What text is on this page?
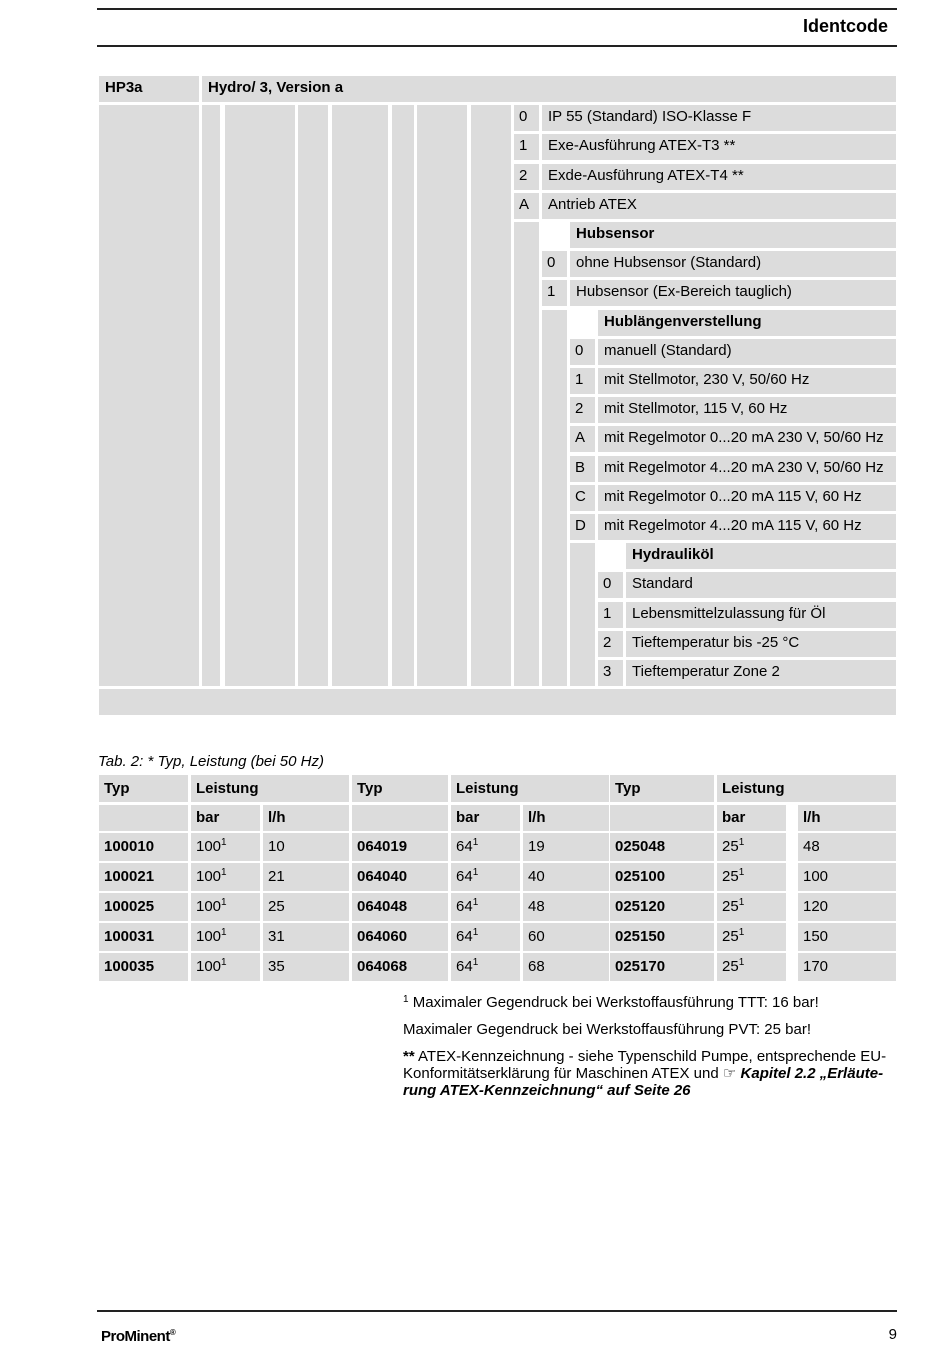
Identcode
HP3a	Hydro/ 3, Version a
0	IP 55 (Standard) ISO-Klasse F
1	Exe-Ausführung ATEX-T3 **
2	Exde-Ausführung ATEX-T4 **
A	Antrieb ATEX
Hubsensor
0	ohne Hubsensor (Standard)
1	Hubsensor (Ex-Bereich tauglich)
Hublängenverstellung
0	manuell (Standard)
1	mit Stellmotor, 230 V, 50/60 Hz
2	mit Stellmotor, 115 V, 60 Hz
A	mit Regelmotor 0...20 mA 230 V, 50/60 Hz
B	mit Regelmotor 4...20 mA 230 V, 50/60 Hz
C	mit Regelmotor 0...20 mA 115 V, 60 Hz
D	mit Regelmotor 4...20 mA 115 V, 60 Hz
Hydrauliköl
0	Standard
1	Lebensmittelzulassung für Öl
2	Tieftemperatur bis -25 °C
3	Tieftemperatur Zone 2
Tab. 2: * Typ, Leistung (bei 50 Hz)
Typ	Leistung	Typ	Leistung	Typ	Leistung
bar	l/h	bar	l/h	bar	l/h
100010	$100^1$	10	064019	$64^1$	19	025048	$25^1$	48
100021	$100^1$	21	064040	$64^1$	40	025100	$25^1$	100
100025	$100^1$	25	064048	$64^1$	48	025120	$25^1$	120
100031	$100^1$	31	064060	$64^1$	60	025150	$25^1$	150
100035	$100^1$	35	064068	$64^1$	68	025170	$25^1$	170
$^1$ Maximaler Gegendruck bei Werkstoffausführung TTT: 16 bar!
Maximaler Gegendruck bei Werkstoffausführung PVT: 25 bar!
** ATEX-Kennzeichnung - siehe Typenschild Pumpe, entsprechende EU-
Konformitätserklärung für Maschinen ATEX und ☞ Kapitel 2.2 „Erläute-
rung ATEX-Kennzeichnung“ auf Seite 26
ProMinent®	9
